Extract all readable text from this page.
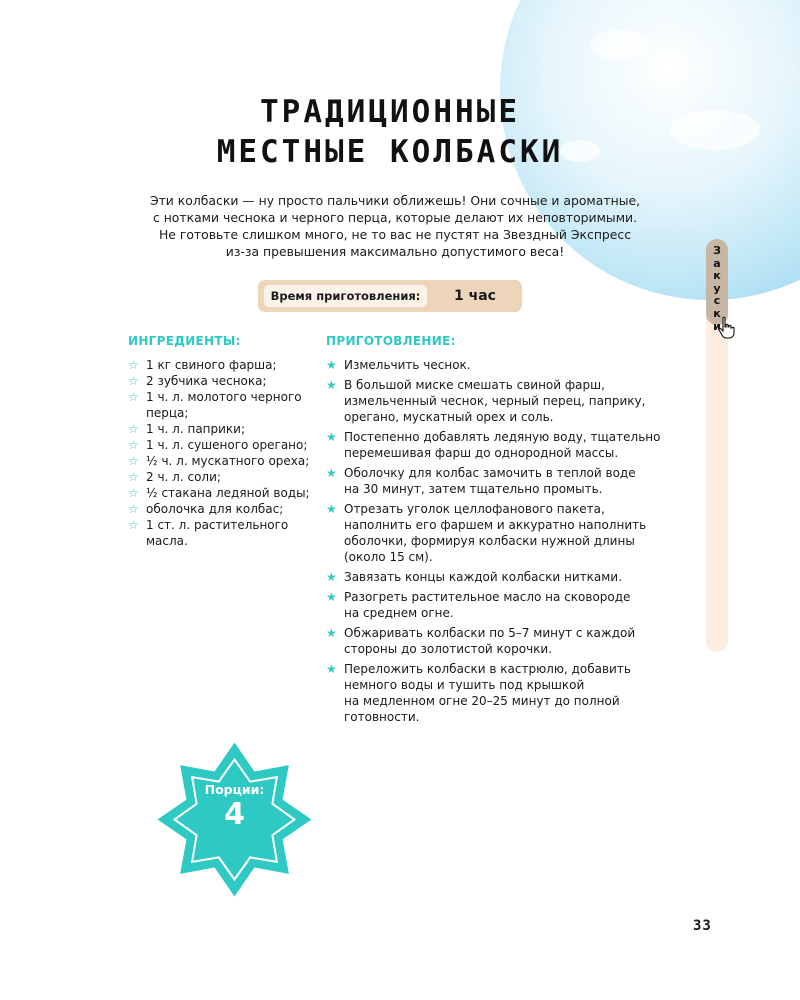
ТРАДИЦИОННЫЕ
МЕСТНЫЕ КОЛБАСКИ
Эти колбаски — ну просто пальчики оближешь! Они сочные и ароматные,
с нотками чеснока и черного перца, которые делают их неповторимыми.
Не готовьте слишком много, не то вас не пустят на Звездный Экспресс
из-за превышения максимально допустимого веса!
Время приготовления:	1 час
ИНГРЕДИЕНТЫ:
☆ 1 кг свиного фарша;
☆ 2 зубчика чеснока;
☆ 1 ч. л. молотого черного
перца;
☆ 1 ч. л. паприки;
☆ 1 ч. л. сушеного орегано;
☆ ½ ч. л. мускатного ореха;
☆ 2 ч. л. соли;
☆ ½ стакана ледяной воды;
☆ оболочка для колбас;
☆ 1 ст. л. растительного
масла.
ПРИГОТОВЛЕНИЕ:
★ Измельчить чеснок.
★ В большой миске смешать свиной фарш,
измельченный чеснок, черный перец, паприку,
орегано, мускатный орех и соль.
★ Постепенно добавлять ледяную воду, тщательно
перемешивая фарш до однородной массы.
★ Оболочку для колбас замочить в теплой воде
на 30 минут, затем тщательно промыть.
★ Отрезать уголок целлофанового пакета,
наполнить его фаршем и аккуратно наполнить
оболочки, формируя колбаски нужной длины
(около 15 см).
★ Завязать концы каждой колбаски нитками.
★ Разогреть растительное масло на сковороде
на среднем огне.
★ Обжаривать колбаски по 5–7 минут с каждой
стороны до золотистой корочки.
★ Переложить колбаски в кастрюлю, добавить
немного воды и тушить под крышкой
на медленном огне 20–25 минут до полной
готовности.
З
а
к
у
с
к
и
Порции:
4
33
